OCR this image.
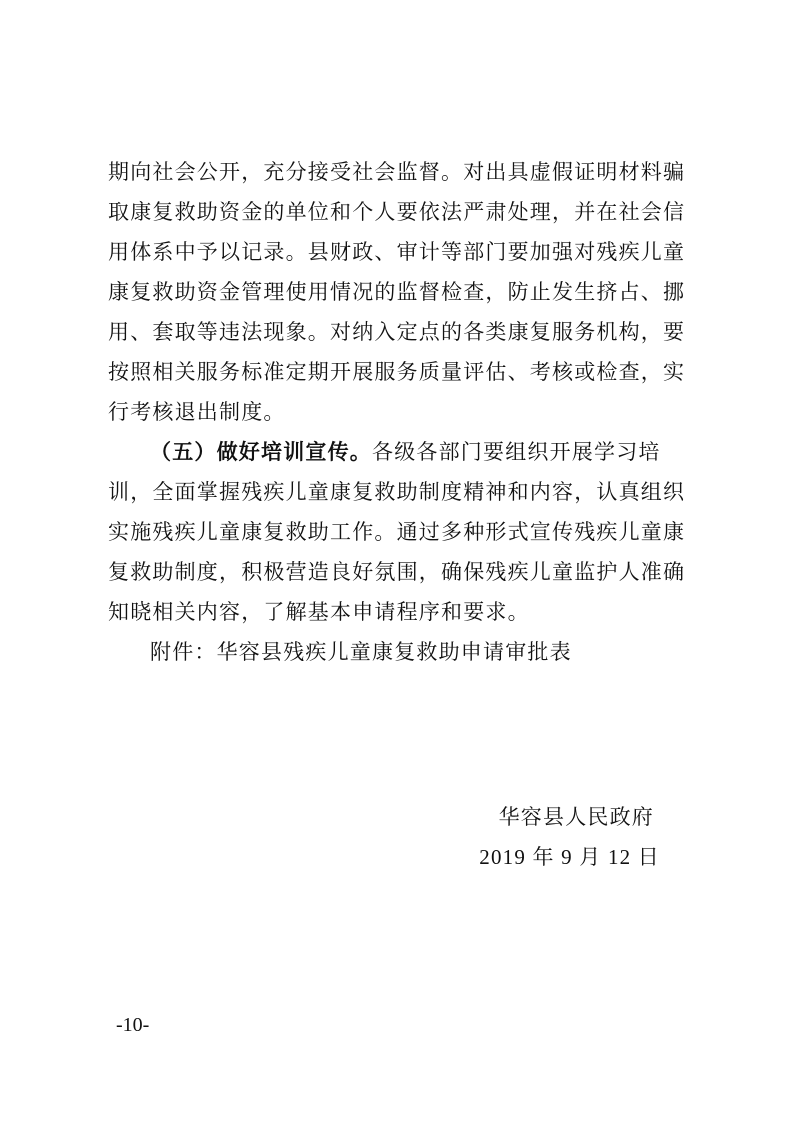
期向社会公开，充分接受社会监督。对出具虚假证明材料骗取康复救助资金的单位和个人要依法严肃处理，并在社会信用体系中予以记录。县财政、审计等部门要加强对残疾儿童康复救助资金管理使用情况的监督检查，防止发生挤占、挪用、套取等违法现象。对纳入定点的各类康复服务机构，要按照相关服务标准定期开展服务质量评估、考核或检查，实行考核退出制度。

（五）做好培训宣传。各级各部门要组织开展学习培训，全面掌握残疾儿童康复救助制度精神和内容，认真组织实施残疾儿童康复救助工作。通过多种形式宣传残疾儿童康复救助制度，积极营造良好氛围，确保残疾儿童监护人准确知晓相关内容，了解基本申请程序和要求。

附件：华容县残疾儿童康复救助申请审批表

华容县人民政府
2019 年 9 月 12 日
-10-
